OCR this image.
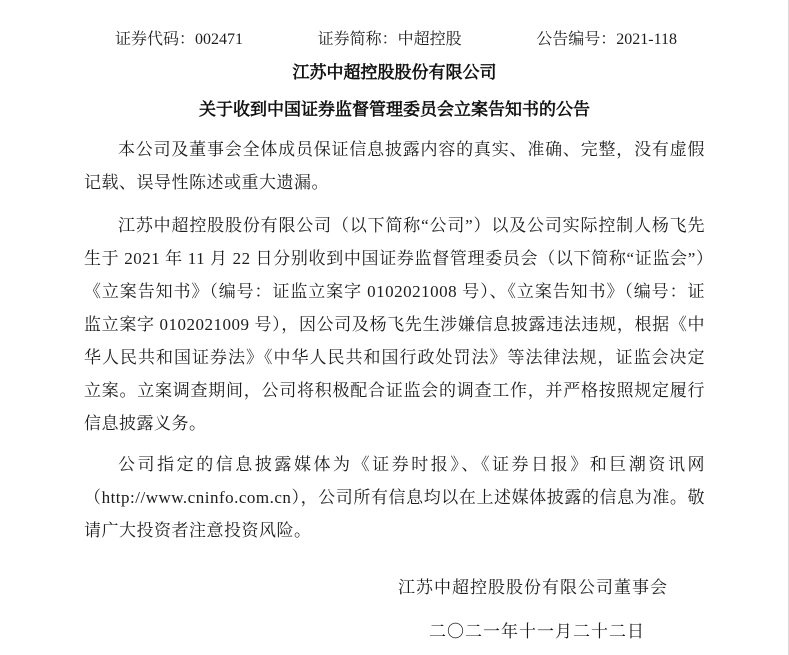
证券代码：002471	证券简称：中超控股	公告编号：2021-118
江苏中超控股股份有限公司
关于收到中国证券监督管理委员会立案告知书的公告

本公司及董事会全体成员保证信息披露内容的真实、准确、完整，没有虚假记载、误导性陈述或重大遗漏。

江苏中超控股股份有限公司（以下简称“公司”）以及公司实际控制人杨飞先生于 2021 年 11 月 22 日分别收到中国证券监督管理委员会（以下简称“证监会”）《立案告知书》（编号：证监立案字 0102021008 号）、《立案告知书》（编号：证监立案字 0102021009 号），因公司及杨飞先生涉嫌信息披露违法违规，根据《中华人民共和国证券法》《中华人民共和国行政处罚法》等法律法规，证监会决定立案。立案调查期间，公司将积极配合证监会的调查工作，并严格按照规定履行信息披露义务。

公司指定的信息披露媒体为《证券时报》、《证券日报》和巨潮资讯网（http://www.cninfo.com.cn），公司所有信息均以在上述媒体披露的信息为准。敬请广大投资者注意投资风险。

江苏中超控股股份有限公司董事会
二〇二一年十一月二十二日
